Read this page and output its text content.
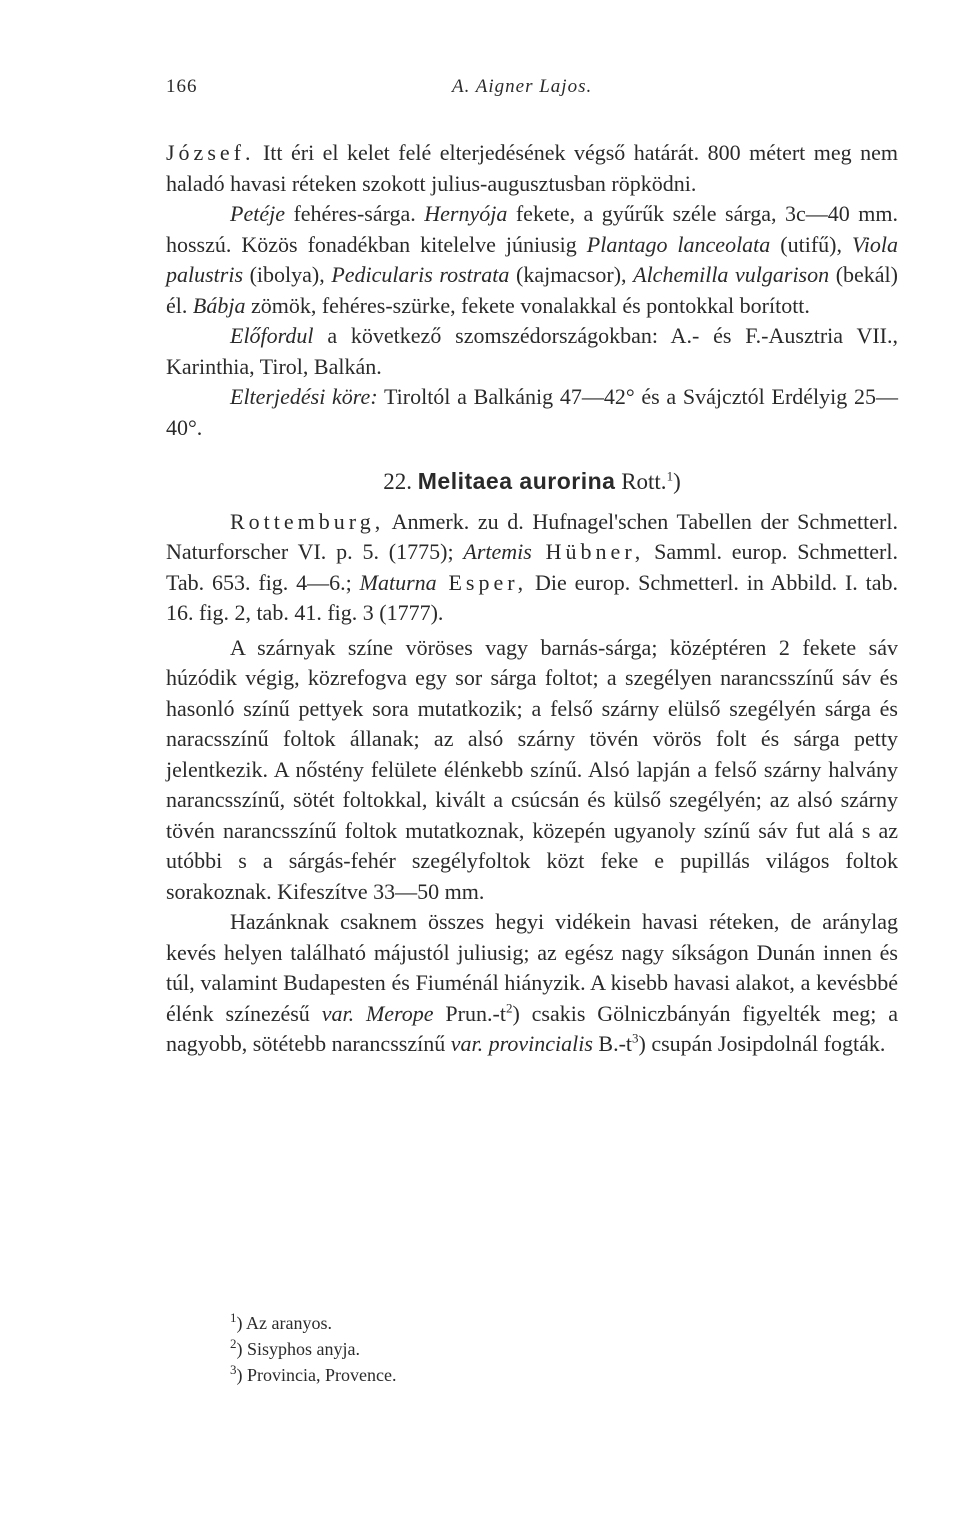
166	A. Aigner Lajos.

József. Itt éri el kelet felé elterjedésének végső határát. 800 métert meg nem haladó havasi réteken szokott julius-augusztusban röpködni.

Petéje fehéres-sárga. Hernyója fekete, a gyűrűk széle sárga, 3c—40 mm. hosszú. Közös fonadékban kitelelve júniusig Plantago lanceolata (utifű), Viola palustris (ibolya), Pedicularis rostrata (kajmacsor), Alchemilla vulgarison (bekál) él. Bábja zömök, fehéres-szürke, fekete vonalakkal és pontokkal borított.

Előfordul a következő szomszédországokban: A.- és F.-Ausztria VII., Karinthia, Tirol, Balkán.

Elterjedési köre: Tiroltól a Balkánig 47—42° és a Svájcztól Erdélyig 25—40°.

22. Melitaea aurorina Rott.$^1$)

Rottemburg, Anmerk. zu d. Hufnagel'schen Tabellen der Schmetterl. Naturforscher VI. p. 5. (1775); Artemis Hübner, Samml. europ. Schmetterl. Tab. 653. fig. 4—6.; Maturna Esper, Die europ. Schmetterl. in Abbild. I. tab. 16. fig. 2, tab. 41. fig. 3 (1777).

A szárnyak színe vöröses vagy barnás-sárga; középtéren 2 fekete sáv húzódik végig, közrefogva egy sor sárga foltot; a szegélyen narancsszínű sáv és hasonló színű pettyek sora mutatkozik; a felső szárny elülső szegélyén sárga és naracsszínű foltok állanak; az alsó szárny tövén vörös folt és sárga petty jelentkezik. A nőstény felülete élénkebb színű. Alsó lapján a felső szárny halvány narancsszínű, sötét foltokkal, kivált a csúcsán és külső szegélyén; az alsó szárny tövén narancsszínű foltok mutatkoznak, közepén ugyanoly színű sáv fut alá s az utóbbi s a sárgás-fehér szegélyfoltok közt feke e pupillás világos foltok sorakoznak. Kifeszítve 33—50 mm.

Hazánknak csaknem összes hegyi vidékein havasi réteken, de aránylag kevés helyen található májustól juliusig; az egész nagy síkságon Dunán innen és túl, valamint Budapesten és Fiuménál hiányzik. A kisebb havasi alakot, a kevésbbé élénk színezésű var. Merope $Prun.-t^2$) csakis Gölniczbányán figyelték meg; a nagyobb, sötétebb narancsszínű var. provincialis $B.-t^3$) csupán Josipdolnál fogták.

$^1$) Az aranyos.

$^2$) Sisyphos anyja.

$^3$) Provincia, Provence.
